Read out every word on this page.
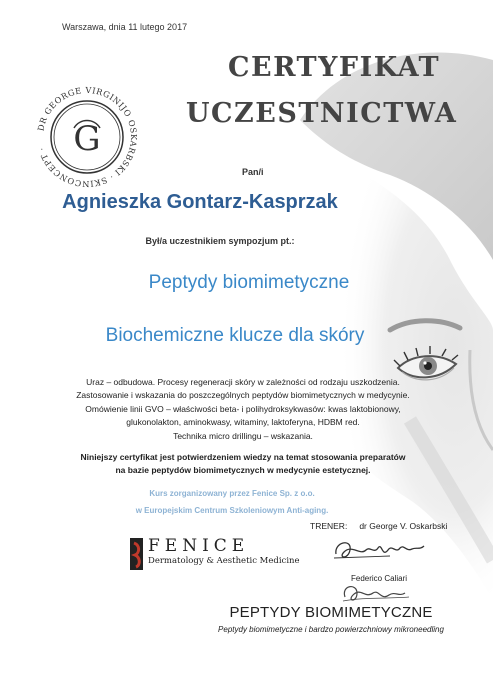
Warszawa, dnia 11 lutego 2017
DR GEORGE VIRGINIJO OSKARBSKI · SKINCONCEPT · G
CERTYFIKAT
UCZESTNICTWA
Pan/i
Agnieszka Gontarz-Kasprzak
Był/a uczestnikiem sympozjum pt.:
Peptydy biomimetyczne
Biochemiczne klucze dla skóry
Uraz – odbudowa. Procesy regeneracji skóry w zależności od rodzaju uszkodzenia.
Zastosowanie i wskazania do poszczególnych peptydów biomimetycznych w medycynie.
Omówienie linii GVO – właściwości beta- i polihydroksykwasów: kwas laktobionowy,
glukonolakton, aminokwasy, witaminy, laktoferyna, HDBM red.
Technika micro drillingu – wskazania.
Niniejszy certyfikat jest potwierdzeniem wiedzy na temat stosowania preparatów
na bazie peptydów biomimetycznych w medycynie estetycznej.
Kurs zorganizowany przez Fenice Sp. z o.o.
w Europejskim Centrum Szkoleniowym Anti-aging.
TRENER: dr George V. Oskarbski
Federico Caliari
FENICE
Dermatology & Aesthetic Medicine
PEPTYDY BIOMIMETYCZNE
Peptydy biomimetyczne i bardzo powierzchniowy mikroneedling
